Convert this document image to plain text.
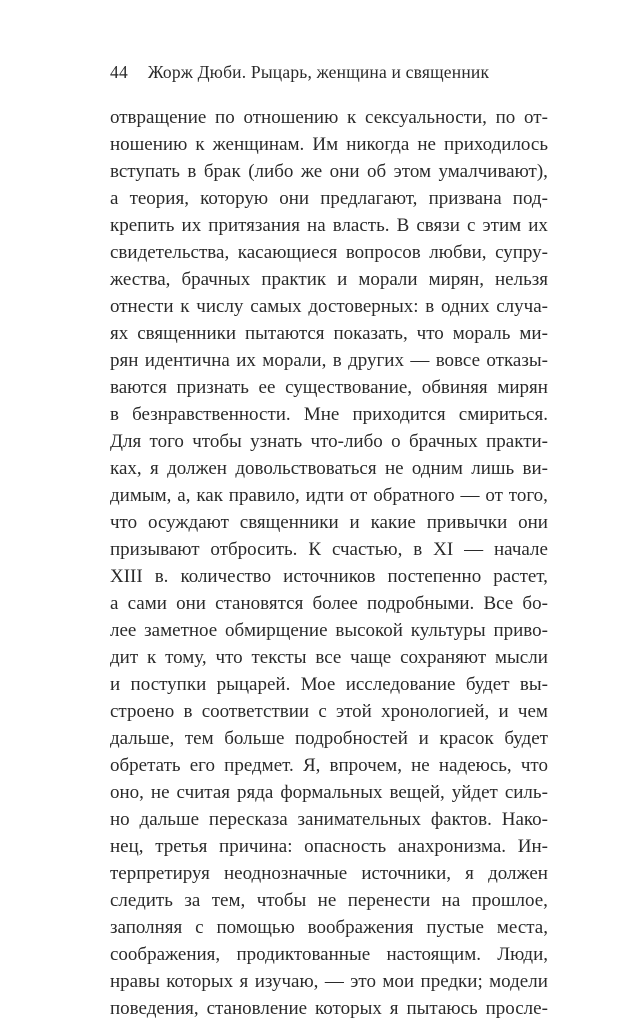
44 Жорж Дюби. Рыцарь, женщина и священник
отвращение по отношению к сексуальности, по от-
ношению к женщинам. Им никогда не приходилось
вступать в брак (либо же они об этом умалчивают),
а теория, которую они предлагают, призвана под-
крепить их притязания на власть. В связи с этим их
свидетельства, касающиеся вопросов любви, супру-
жества, брачных практик и морали мирян, нельзя
отнести к числу самых достоверных: в одних случа-
ях священники пытаются показать, что мораль ми-
рян идентична их морали, в других — вовсе отказы-
ваются признать ее существование, обвиняя мирян
в безнравственности. Мне приходится смириться.
Для того чтобы узнать что-либо о брачных практи-
ках, я должен довольствоваться не одним лишь ви-
димым, а, как правило, идти от обратного — от того,
что осуждают священники и какие привычки они
призывают отбросить. К счастью, в XI — начале
XIII в. количество источников постепенно растет,
а сами они становятся более подробными. Все бо-
лее заметное обмирщение высокой культуры приво-
дит к тому, что тексты все чаще сохраняют мысли
и поступки рыцарей. Мое исследование будет вы-
строено в соответствии с этой хронологией, и чем
дальше, тем больше подробностей и красок будет
обретать его предмет. Я, впрочем, не надеюсь, что
оно, не считая ряда формальных вещей, уйдет силь-
но дальше пересказа занимательных фактов. Нако-
нец, третья причина: опасность анахронизма. Ин-
терпретируя неоднозначные источники, я должен
следить за тем, чтобы не перенести на прошлое,
заполняя с помощью воображения пустые места,
соображения, продиктованные настоящим. Люди,
нравы которых я изучаю, — это мои предки; модели
поведения, становление которых я пытаюсь просле-
